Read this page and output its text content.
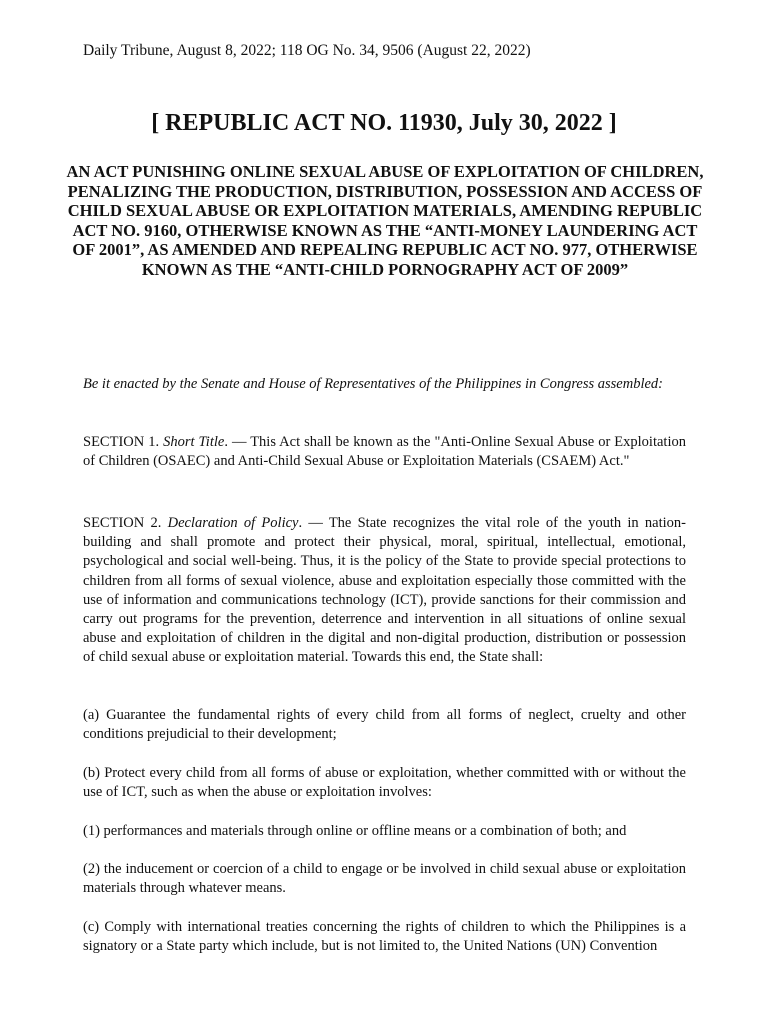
Daily Tribune, August 8, 2022; 118 OG No. 34, 9506 (August 22, 2022)
[ REPUBLIC ACT NO. 11930, July 30, 2022 ]
AN ACT PUNISHING ONLINE SEXUAL ABUSE OF EXPLOITATION OF CHILDREN, PENALIZING THE PRODUCTION, DISTRIBUTION, POSSESSION AND ACCESS OF CHILD SEXUAL ABUSE OR EXPLOITATION MATERIALS, AMENDING REPUBLIC ACT NO. 9160, OTHERWISE KNOWN AS THE “ANTI-MONEY LAUNDERING ACT OF 2001”, AS AMENDED AND REPEALING REPUBLIC ACT NO. 977, OTHERWISE KNOWN AS THE “ANTI-CHILD PORNOGRAPHY ACT OF 2009”
Be it enacted by the Senate and House of Representatives of the Philippines in Congress assembled:
SECTION 1. Short Title. — This Act shall be known as the "Anti-Online Sexual Abuse or Exploitation of Children (OSAEC) and Anti-Child Sexual Abuse or Exploitation Materials (CSAEM) Act."
SECTION 2. Declaration of Policy. — The State recognizes the vital role of the youth in nation-building and shall promote and protect their physical, moral, spiritual, intellectual, emotional, psychological and social well-being. Thus, it is the policy of the State to provide special protections to children from all forms of sexual violence, abuse and exploitation especially those committed with the use of information and communications technology (ICT), provide sanctions for their commission and carry out programs for the prevention, deterrence and intervention in all situations of online sexual abuse and exploitation of children in the digital and non-digital production, distribution or possession of child sexual abuse or exploitation material. Towards this end, the State shall:
(a) Guarantee the fundamental rights of every child from all forms of neglect, cruelty and other conditions prejudicial to their development;
(b) Protect every child from all forms of abuse or exploitation, whether committed with or without the use of ICT, such as when the abuse or exploitation involves:
(1) performances and materials through online or offline means or a combination of both; and
(2) the inducement or coercion of a child to engage or be involved in child sexual abuse or exploitation materials through whatever means.
(c) Comply with international treaties concerning the rights of children to which the Philippines is a signatory or a State party which include, but is not limited to, the United Nations (UN) Convention
